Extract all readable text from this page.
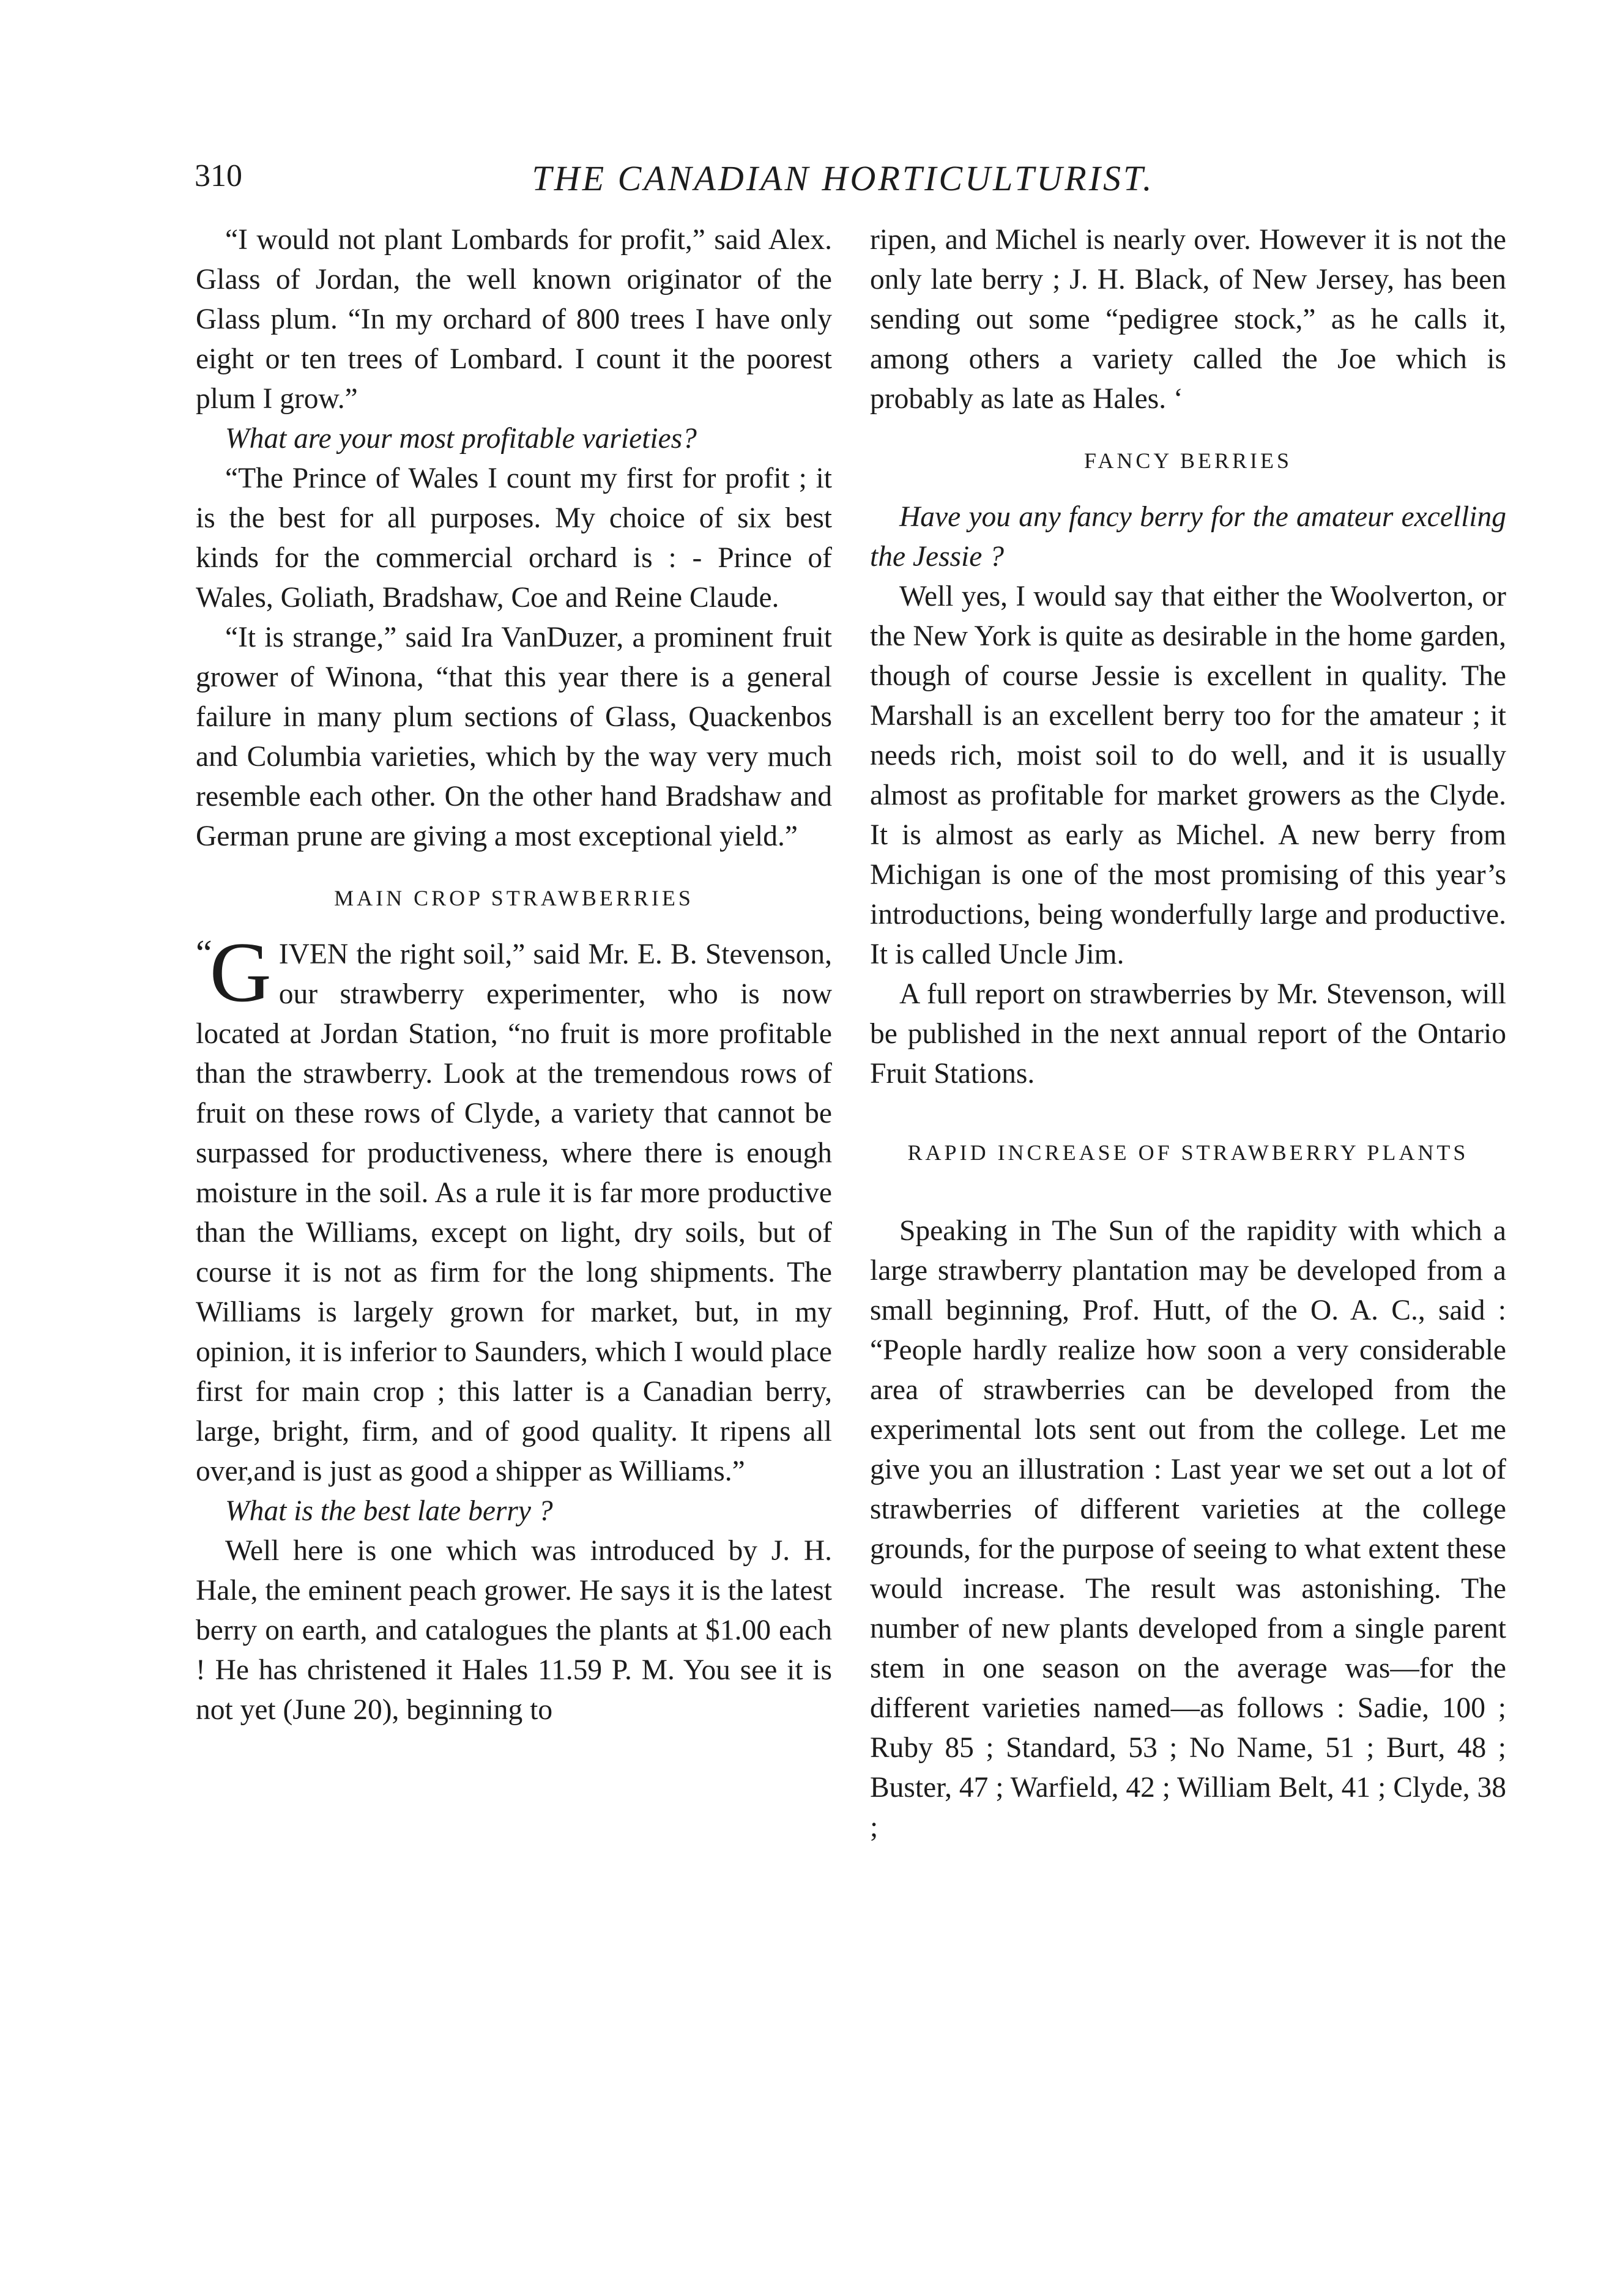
310	THE CANADIAN HORTICULTURIST.

“I would not plant Lombards for profit,” said Alex. Glass of Jordan, the well known originator of the Glass plum. “In my orchard of 800 trees I have only eight or ten trees of Lombard. I count it the poorest plum I grow.”

What are your most profitable varieties?

“The Prince of Wales I count my first for profit ; it is the best for all purposes. My choice of six best kinds for the commercial orchard is : - Prince of Wales, Goliath, Bradshaw, Coe and Reine Claude.

“It is strange,” said Ira VanDuzer, a prominent fruit grower of Winona, “that this year there is a general failure in many plum sections of Glass, Quackenbos and Columbia varieties, which by the way very much resemble each other. On the other hand Bradshaw and German prune are giving a most exceptional yield.”

MAIN CROP STRAWBERRIES

“
G IVEN the right soil,” said Mr. E. B. Stevenson, our strawberry experimenter, who is now located at Jordan Station, “no fruit is more profitable than the strawberry. Look at the tremendous rows of fruit on these rows of Clyde, a variety that cannot be surpassed for productiveness, where there is enough moisture in the soil. As a rule it is far more productive than the Williams, except on light, dry soils, but of course it is not as firm for the long shipments. The Williams is largely grown for market, but, in my opinion, it is inferior to Saunders, which I would place first for main crop ; this latter is a Canadian berry, large, bright, firm, and of good quality. It ripens all over,and is just as good a shipper as Williams.”

What is the best late berry ?

Well here is one which was introduced by J. H. Hale, the eminent peach grower. He says it is the latest berry on earth, and catalogues the plants at $1.00 each ! He has christened it Hales 11.59 P. M. You see it is not yet (June 20), beginning to

ripen, and Michel is nearly over. However it is not the only late berry ; J. H. Black, of New Jersey, has been sending out some “pedigree stock,” as he calls it, among others a variety called the Joe which is probably as late as Hales. ‘

FANCY BERRIES

Have you any fancy berry for the amateur excelling the Jessie ?

Well yes, I would say that either the Woolverton, or the New York is quite as desirable in the home garden, though of course Jessie is excellent in quality. The Marshall is an excellent berry too for the amateur ; it needs rich, moist soil to do well, and it is usually almost as profitable for market growers as the Clyde. It is almost as early as Michel. A new berry from Michigan is one of the most promising of this year’s introductions, being wonderfully large and productive. It is called Uncle Jim.

A full report on strawberries by Mr. Stevenson, will be published in the next annual report of the Ontario Fruit Stations.

RAPID INCREASE OF STRAWBERRY PLANTS

Speaking in The Sun of the rapidity with which a large strawberry plantation may be developed from a small beginning, Prof. Hutt, of the O. A. C., said : “People hardly realize how soon a very considerable area of strawberries can be developed from the experimental lots sent out from the college. Let me give you an illustration : Last year we set out a lot of strawberries of different varieties at the college grounds, for the purpose of seeing to what extent these would increase. The result was astonishing. The number of new plants developed from a single parent stem in one season on the average was—for the different varieties named—as follows : Sadie, 100 ; Ruby 85 ; Standard, 53 ; No Name, 51 ; Burt, 48 ; Buster, 47 ; Warfield, 42 ; William Belt, 41 ; Clyde, 38 ;
